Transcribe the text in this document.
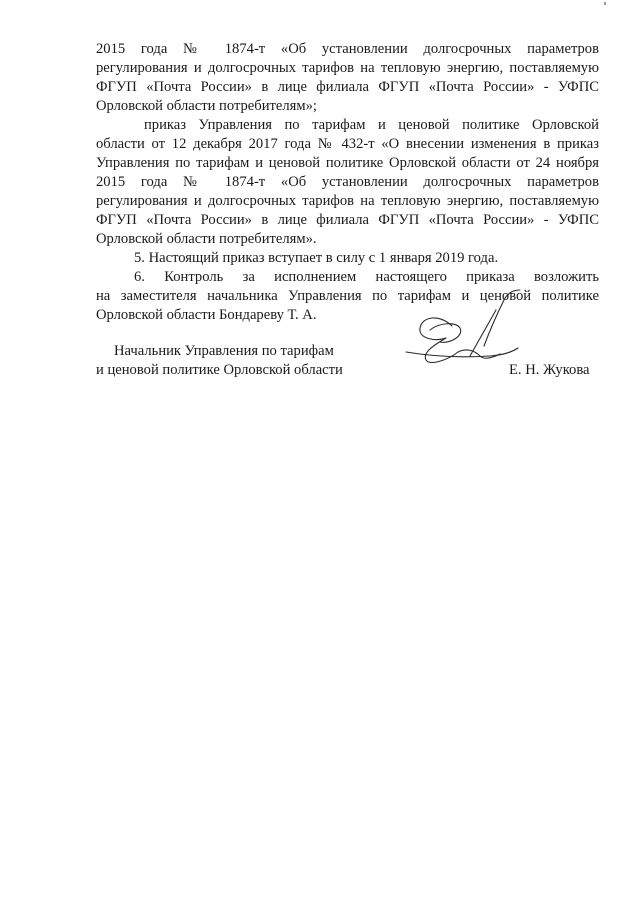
2015 года № 1874-т «Об установлении долгосрочных параметров
регулирования и долгосрочных тарифов на тепловую энергию, поставляемую
ФГУП «Почта России» в лице филиала ФГУП «Почта России» - УФПС
Орловской области потребителям»;
приказ Управления по тарифам и ценовой политике Орловской
области от 12 декабря 2017 года № 432-т «О внесении изменения в приказ
Управления по тарифам и ценовой политике Орловской области от 24 ноября
2015 года № 1874-т «Об установлении долгосрочных параметров
регулирования и долгосрочных тарифов на тепловую энергию, поставляемую
ФГУП «Почта России» в лице филиала ФГУП «Почта России» - УФПС
Орловской области потребителям».
5. Настоящий приказ вступает в силу с 1 января 2019 года.
6. Контроль за исполнением настоящего приказа возложить
на заместителя начальника Управления по тарифам и ценовой политике
Орловской области Бондареву Т. А.
Начальник Управления по тарифам
и ценовой политике Орловской области	Е. Н. Жукова
